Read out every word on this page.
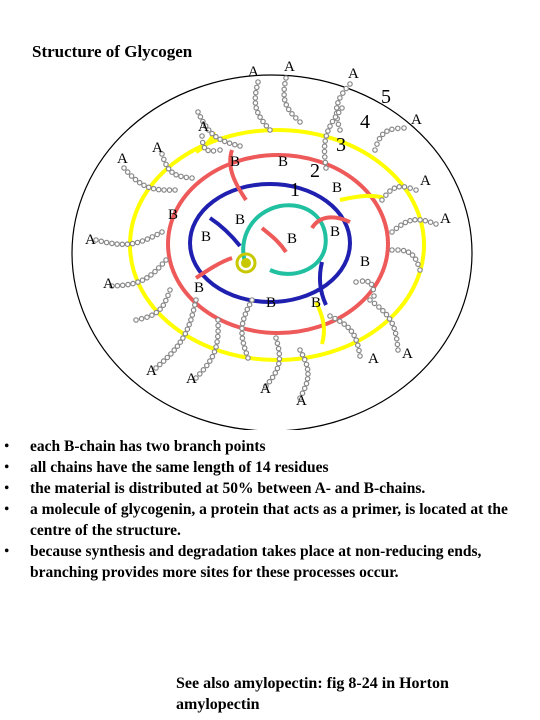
Structure of Glycogen
1
2
3
4
5
A A	A
A
A
A
A
A
A
A
A
A A
A A
A
A
B	B
B
B	B
B	B B
B
B
B B
• each B-chain has two branch points
• all chains have the same length of 14 residues
• the material is distributed at 50% between A- and B-chains.
• a molecule of glycogenin, a protein that acts as a primer, is located at the centre of the structure.
• because synthesis and degradation takes place at non-reducing ends, branching provides more sites for these processes occur.
See also amylopectin: fig 8-24 in Horton amylopectin
